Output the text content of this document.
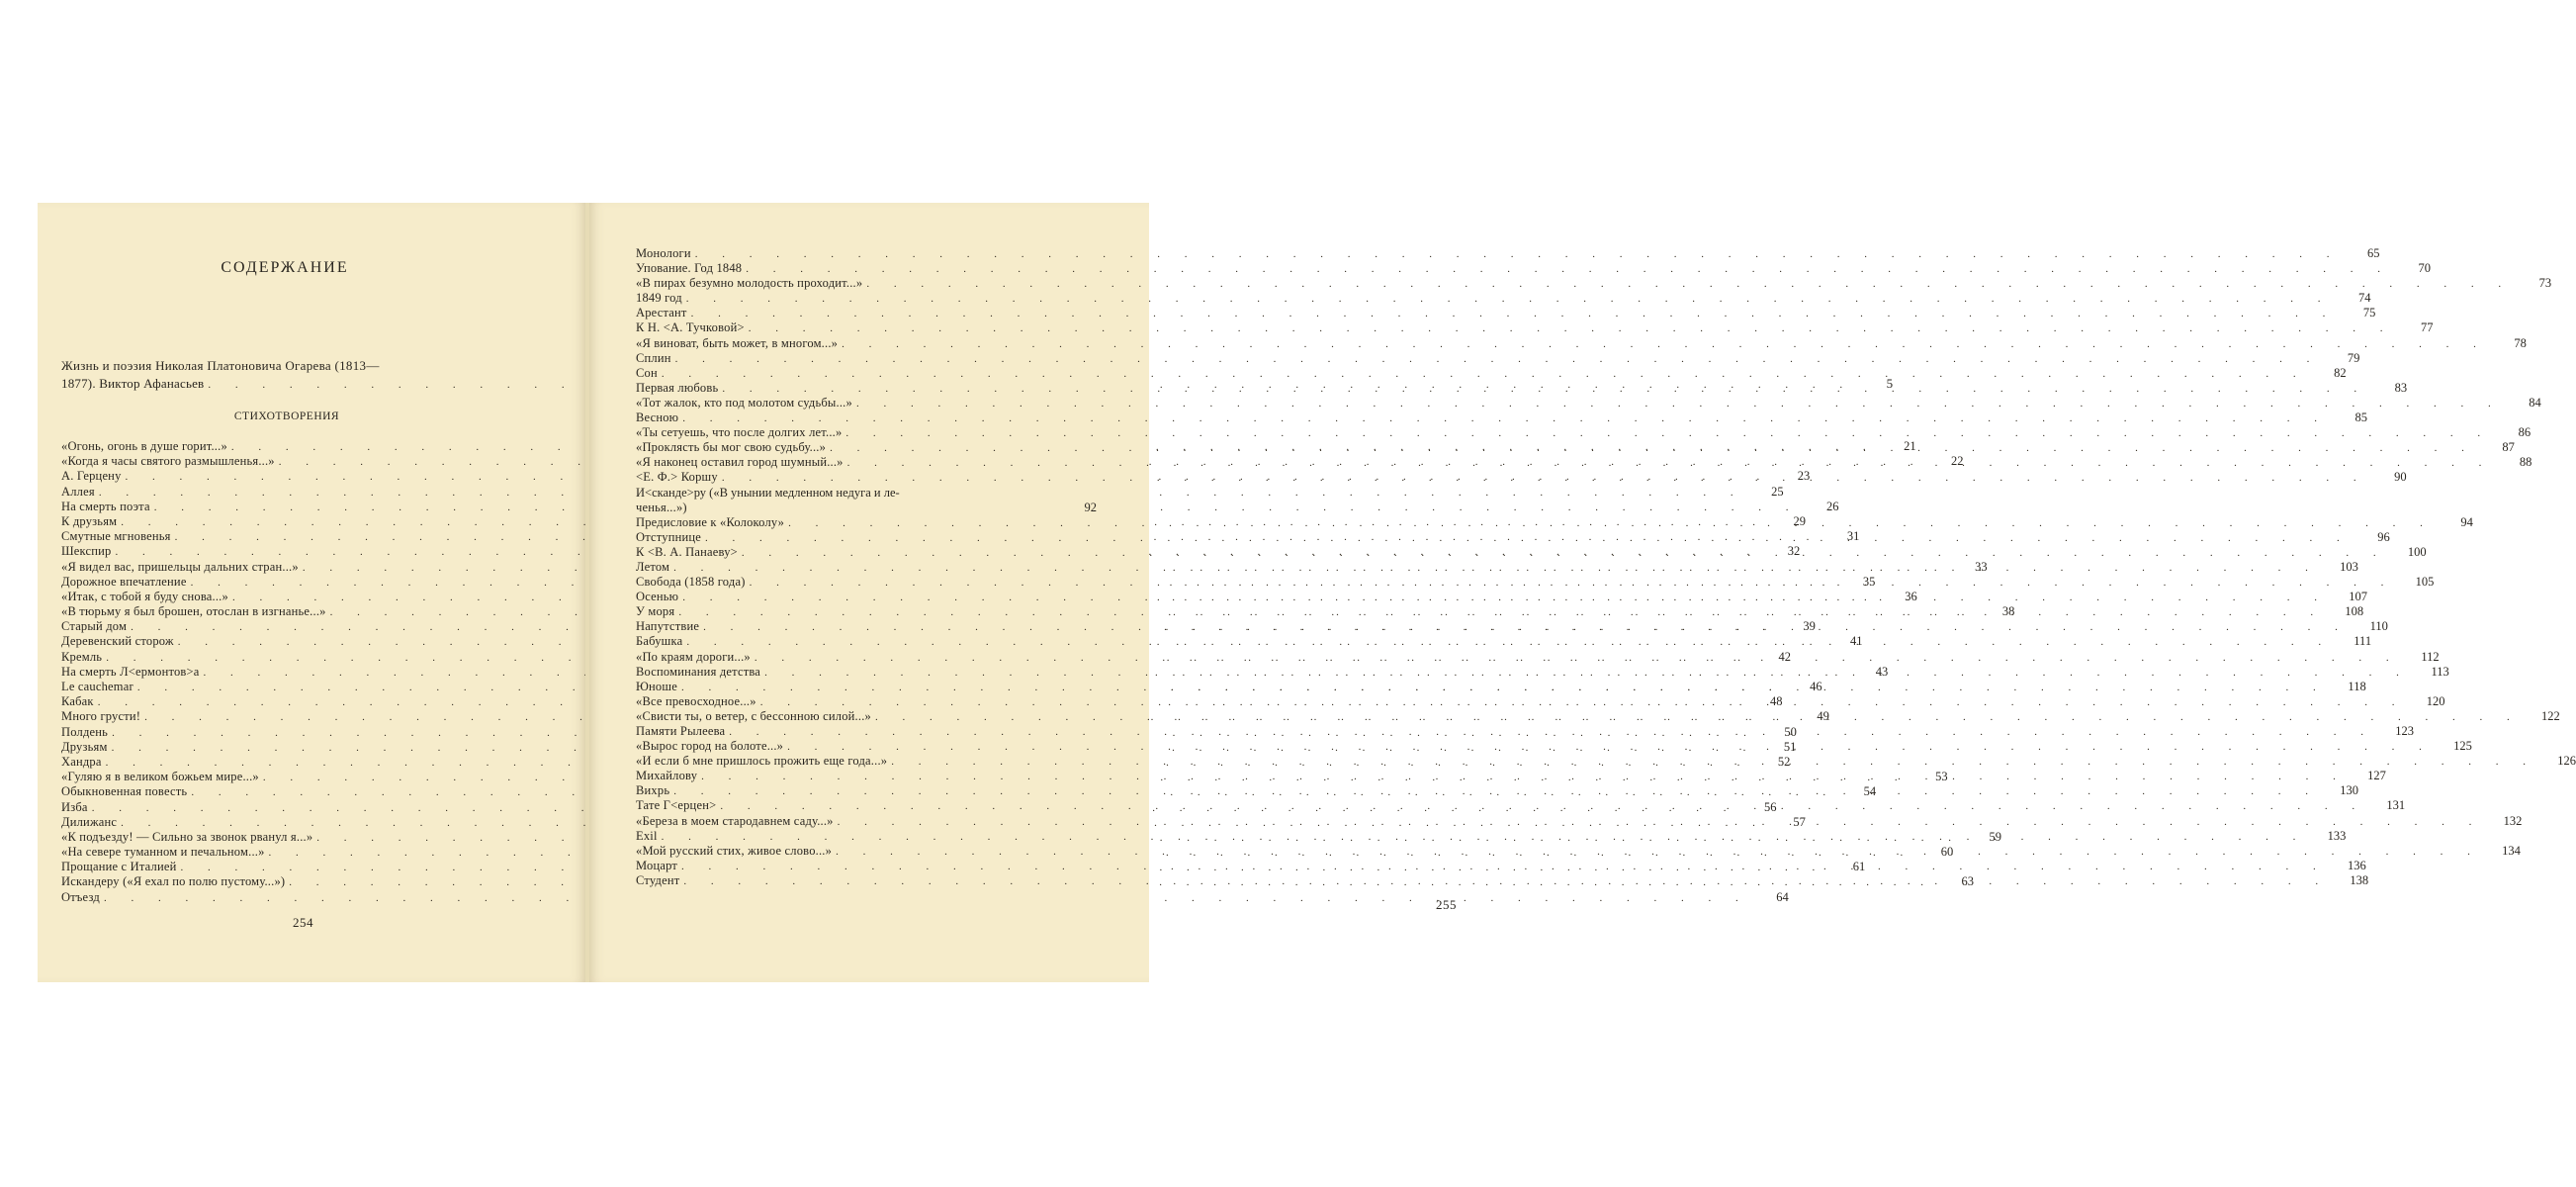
СОДЕРЖАНИЕ
Жизнь и поэзия Николая Платоновича Огарева (1813—
1877). Виктор Афанасьев . . .	5
СТИХОТВОРЕНИЯ
«Огонь, огонь в душе горит...» . . .	21
«Когда я часы святого размышленья...» . . .	22
А. Герцену . . .	23
Аллея . . .	25
На смерть поэта . . .	26
К друзьям . . .	29
Смутные мгновенья . . .	31
Шекспир . . .	32
«Я видел вас, пришельцы дальних стран...» . . .	33
Дорожное впечатление . . .	35
«Итак, с тобой я буду снова...» . . .	36
«В тюрьму я был брошен, отослан в изгнанье...» . . .	38
Старый дом . . .	39
Деревенский сторож . . .	41
Кремль . . .	42
На смерть Л<ермонтов>а . . .	43
Le cauchemar . . .	46
Кабак . . .	48
Много грусти! . . .	49
Полдень . . .	50
Друзьям . . .	51
Хандра . . .	52
«Гуляю я в великом божьем мире...» . . .	53
Обыкновенная повесть . . .	54
Изба . . .	56
Дилижанс . . .	57
«К подъезду! — Сильно за звонок рванул я...» . . .	59
«На севере туманном и печальном...» . . .	60
Прощание с Италией . . .	61
Искандеру («Я ехал по полю пустому...») . . .	63
Отъезд . . .	64
254
255
Монологи . . .	65
Упование. Год 1848 . . .	70
«В пирах безумно молодость проходит...» . . .	73
1849 год . . .	74
Арестант . . .	75
К Н. <А. Тучковой> . . .	77
«Я виноват, быть может, в многом...» . . .	78
Сплин . . .	79
Сон . . .	82
Первая любовь . . .	83
«Тот жалок, кто под молотом судьбы...» . . .	84
Весною . . .	85
«Ты сетуешь, что после долгих лет...» . . .	86
«Проклясть бы мог свою судьбу...» . . .	87
«Я наконец оставил город шумный...» . . .	88
<Е. Ф.> Коршу . . .	90
И<скандe>ру («В унынии медленном недуга и ле-
ченья...»)	92
Предисловие к «Колоколу» . . .	94
Отступнице . . .	96
К <В. А. Панаеву> . . .	100
Летом . . .	103
Свобода (1858 года) . . .	105
Осенью . . .	107
У моря . . .	108
Напутствие . . .	110
Бабушка . . .	111
«По краям дороги...» . . .	112
Воспоминания детства . . .	113
Юноше . . .	118
«Все превосходное...» . . .	120
«Свисти ты, о ветер, с бессонною силой...» . . .	122
Памяти Рылеева . . .	123
«Вырос город на болоте...» . . .	125
«И если б мне пришлось прожить еще года...» . . .	126
Михайлову . . .	127
Вихрь . . .	130
Тате Г<ерцен> . . .	131
«Береза в моем стародавнем саду...» . . .	132
Exil . . .	133
«Мой русский стих, живое слово...» . . .	134
Моцарт . . .	136
Студент . . .	138
